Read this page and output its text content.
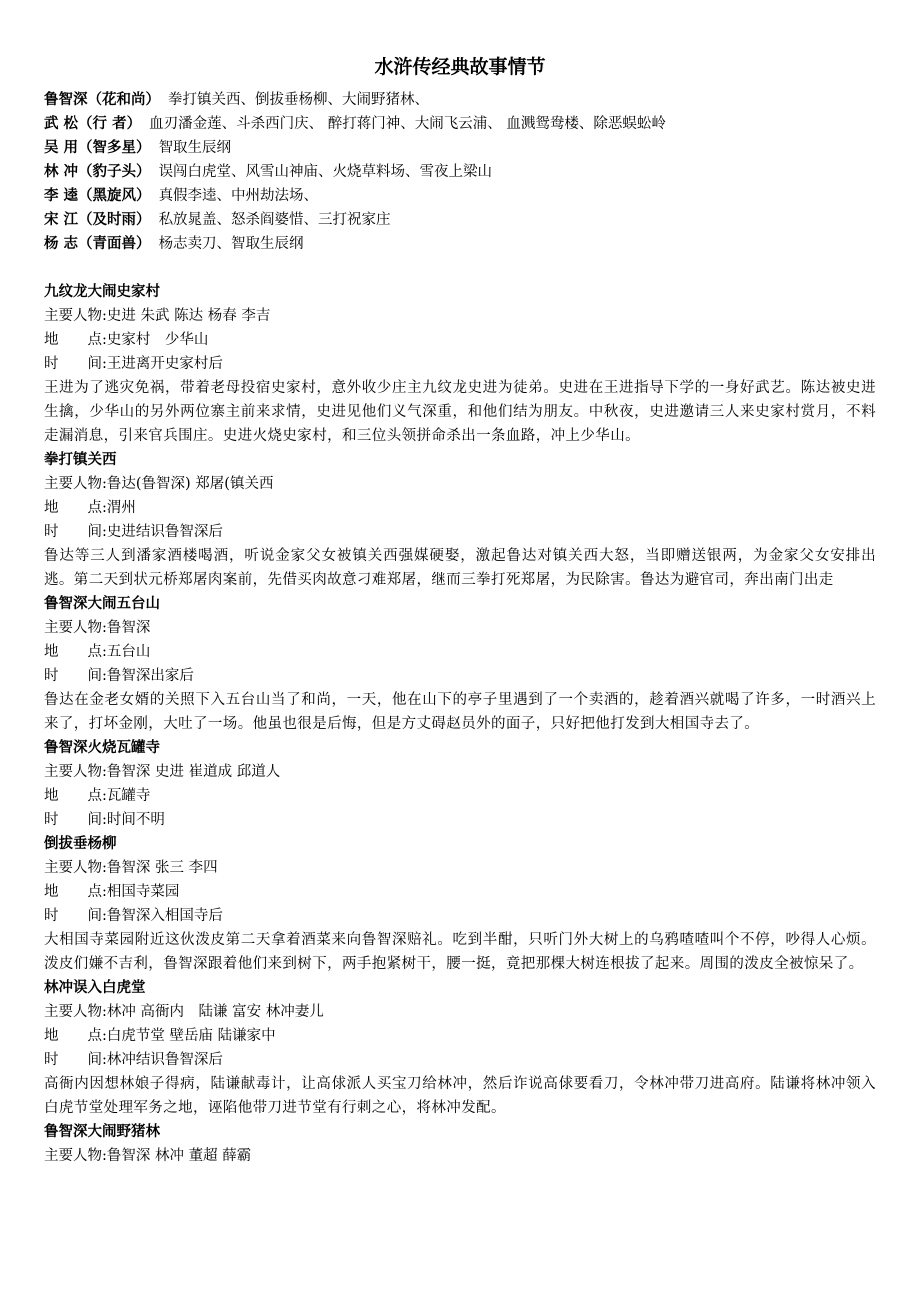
水浒传经典故事情节
鲁智深（花和尚） 拳打镇关西、倒拔垂杨柳、大闹野猪林、
武 松（行 者） 血刃潘金莲、斗杀西门庆、 醉打蒋门神、大闹飞云浦、 血溅鸳鸯楼、除恶蜈蚣岭
吴 用（智多星） 智取生辰纲
林 冲（豹子头） 误闯白虎堂、风雪山神庙、火烧草料场、雪夜上梁山
李 逵（黑旋风） 真假李逵、中州劫法场、
宋 江（及时雨） 私放晁盖、怒杀阎婆惜、三打祝家庄
杨 志（青面兽） 杨志卖刀、智取生辰纲
九纹龙大闹史家村
主要人物:史进 朱武 陈达 杨春 李吉
地　　点:史家村　少华山
时　　间:王进离开史家村后
王进为了逃灾免祸，带着老母投宿史家村，意外收少庄主九纹龙史进为徒弟。史进在王进指导下学的一身好武艺。陈达被史进生擒，少华山的另外两位寨主前来求情，史进见他们义气深重，和他们结为朋友。中秋夜，史进邀请三人来史家村赏月，不料走漏消息，引来官兵围庄。史进火烧史家村，和三位头领拼命杀出一条血路，冲上少华山。
拳打镇关西
主要人物:鲁达(鲁智深) 郑屠(镇关西
地　　点:渭州
时　　间:史进结识鲁智深后
鲁达等三人到潘家酒楼喝酒，听说金家父女被镇关西强媒硬娶，激起鲁达对镇关西大怒，当即赠送银两，为金家父女安排出逃。第二天到状元桥郑屠肉案前，先借买肉故意刁难郑屠，继而三拳打死郑屠，为民除害。鲁达为避官司，奔出南门出走
鲁智深大闹五台山
主要人物:鲁智深
地　　点:五台山
时　　间:鲁智深出家后
鲁达在金老女婿的关照下入五台山当了和尚，一天，他在山下的亭子里遇到了一个卖酒的，趁着酒兴就喝了许多，一时酒兴上来了，打坏金刚，大吐了一场。他虽也很是后悔，但是方丈碍赵员外的面子，只好把他打发到大相国寺去了。
鲁智深火烧瓦罐寺
主要人物:鲁智深 史进 崔道成 邱道人
地　　点:瓦罐寺
时　　间:时间不明
倒拔垂杨柳
主要人物:鲁智深 张三 李四
地　　点:相国寺菜园
时　　间:鲁智深入相国寺后
大相国寺菜园附近这伙泼皮第二天拿着酒菜来向鲁智深赔礼。吃到半酣，只听门外大树上的乌鸦喳喳叫个不停，吵得人心烦。泼皮们嫌不吉利，鲁智深跟着他们来到树下，两手抱紧树干，腰一挺，竟把那棵大树连根拔了起来。周围的泼皮全被惊呆了。
林冲误入白虎堂
主要人物:林冲 高衙内　陆谦 富安 林冲妻儿
地　　点:白虎节堂 壁岳庙 陆谦家中
时　　间:林冲结识鲁智深后
高衙内因想林娘子得病，陆谦献毒计，让高俅派人买宝刀给林冲，然后诈说高俅要看刀，令林冲带刀进高府。陆谦将林冲领入白虎节堂处理军务之地，诬陷他带刀进节堂有行刺之心，将林冲发配。
鲁智深大闹野猪林
主要人物:鲁智深 林冲 董超 薛霸
